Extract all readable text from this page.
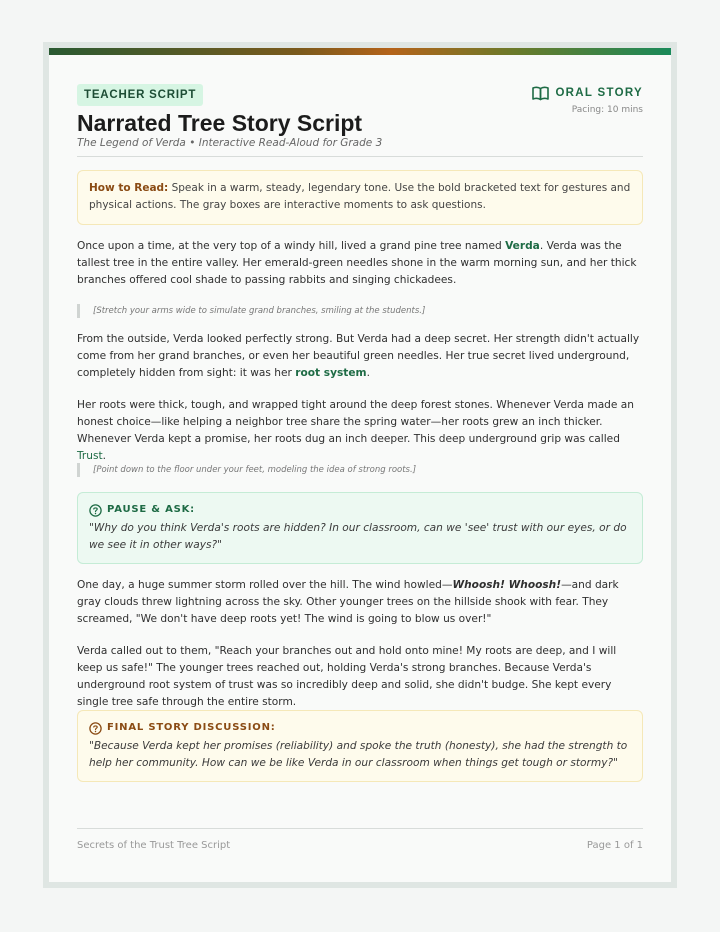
TEACHER SCRIPT
Narrated Tree Story Script
The Legend of Verda • Interactive Read-Aloud for Grade 3
ORAL STORY
Pacing: 10 mins
How to Read: Speak in a warm, steady, legendary tone. Use the bold bracketed text for gestures and physical actions. The gray boxes are interactive moments to ask questions.

Once upon a time, at the very top of a windy hill, lived a grand pine tree named Verda. Verda was the tallest tree in the entire valley. Her emerald-green needles shone in the warm morning sun, and her thick branches offered cool shade to passing rabbits and singing chickadees.

[Stretch your arms wide to simulate grand branches, smiling at the students.]

From the outside, Verda looked perfectly strong. But Verda had a deep secret. Her strength didn't actually come from her grand branches, or even her beautiful green needles. Her true secret lived underground, completely hidden from sight: it was her root system.

Her roots were thick, tough, and wrapped tight around the deep forest stones. Whenever Verda made an honest choice—like helping a neighbor tree share the spring water—her roots grew an inch thicker. Whenever Verda kept a promise, her roots dug an inch deeper. This deep underground grip was called Trust.

[Point down to the floor under your feet, modeling the idea of strong roots.]
PAUSE & ASK:
"Why do you think Verda's roots are hidden? In our classroom, can we 'see' trust with our eyes, or do we see it in other ways?"

One day, a huge summer storm rolled over the hill. The wind howled—Whoosh! Whoosh!—and dark gray clouds threw lightning across the sky. Other younger trees on the hillside shook with fear. They screamed, "We don't have deep roots yet! The wind is going to blow us over!"

Verda called out to them, "Reach your branches out and hold onto mine! My roots are deep, and I will keep us safe!" The younger trees reached out, holding Verda's strong branches. Because Verda's underground root system of trust was so incredibly deep and solid, she didn't budge. She kept every single tree safe through the entire storm.

FINAL STORY DISCUSSION:
"Because Verda kept her promises (reliability) and spoke the truth (honesty), she had the strength to help her community. How can we be like Verda in our classroom when things get tough or stormy?"
Secrets of the Trust Tree Script	Page 1 of 1
